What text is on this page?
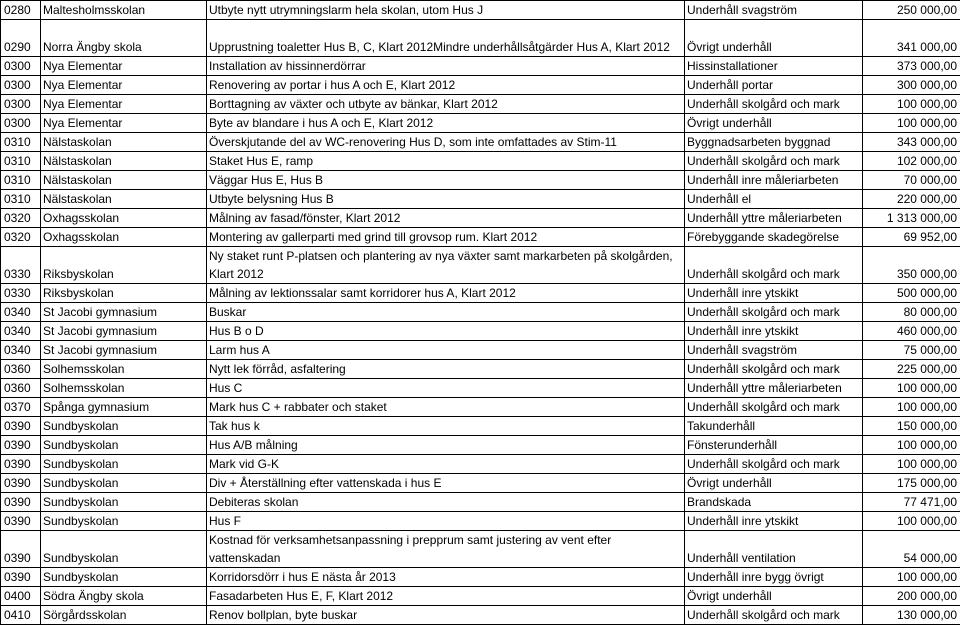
0280	Maltesholmsskolan	Utbyte nytt utrymningslarm hela skolan, utom Hus J	Underhåll svagström	250 000,00
0290	Norra Ängby skola	Upprustning toaletter Hus B, C, Klart 2012Mindre underhållsåtgärder Hus A, Klart 2012	Övrigt underhåll	341 000,00
0300	Nya Elementar	Installation av hissinnerdörrar	Hissinstallationer	373 000,00
0300	Nya Elementar	Renovering av portar i hus A och E, Klart 2012	Underhåll portar	300 000,00
0300	Nya Elementar	Borttagning av växter och utbyte av bänkar, Klart 2012	Underhåll skolgård och mark	100 000,00
0300	Nya Elementar	Byte av blandare i hus A och E, Klart 2012	Övrigt underhåll	100 000,00
0310	Nälstaskolan	Överskjutande del av WC-renovering Hus D, som inte omfattades av Stim-11	Byggnadsarbeten byggnad	343 000,00
0310	Nälstaskolan	Staket Hus E, ramp	Underhåll skolgård och mark	102 000,00
0310	Nälstaskolan	Väggar Hus E, Hus B	Underhåll inre måleriarbeten	70 000,00
0310	Nälstaskolan	Utbyte belysning Hus B	Underhåll el	220 000,00
0320	Oxhagsskolan	Målning av fasad/fönster, Klart 2012	Underhåll yttre måleriarbeten	1 313 000,00
0320	Oxhagsskolan	Montering av gallerparti med grind till grovsop rum. Klart 2012	Förebyggande skadegörelse	69 952,00
0330	Riksbyskolan	Ny staket runt P-platsen och plantering av nya växter samt markarbeten på skolgården, Klart 2012	Underhåll skolgård och mark	350 000,00
0330	Riksbyskolan	Målning av lektionssalar samt korridorer hus A, Klart 2012	Underhåll inre ytskikt	500 000,00
0340	St Jacobi gymnasium	Buskar	Underhåll skolgård och mark	80 000,00
0340	St Jacobi gymnasium	Hus B o D	Underhåll inre ytskikt	460 000,00
0340	St Jacobi gymnasium	Larm hus A	Underhåll svagström	75 000,00
0360	Solhemsskolan	Nytt lek förråd, asfaltering	Underhåll skolgård och mark	225 000,00
0360	Solhemsskolan	Hus C	Underhåll yttre måleriarbeten	100 000,00
0370	Spånga gymnasium	Mark hus C + rabbater och staket	Underhåll skolgård och mark	100 000,00
0390	Sundbyskolan	Tak hus k	Takunderhåll	150 000,00
0390	Sundbyskolan	Hus A/B målning	Fönsterunderhåll	100 000,00
0390	Sundbyskolan	Mark vid G-K	Underhåll skolgård och mark	100 000,00
0390	Sundbyskolan	Div + Återställning efter vattenskada i hus E	Övrigt underhåll	175 000,00
0390	Sundbyskolan	Debiteras skolan	Brandskada	77 471,00
0390	Sundbyskolan	Hus F	Underhåll inre ytskikt	100 000,00
0390	Sundbyskolan	Kostnad för verksamhetsanpassning i prepprum samt justering av vent efter vattenskadan	Underhåll ventilation	54 000,00
0390	Sundbyskolan	Korridorsdörr i hus E nästa år 2013	Underhåll inre bygg övrigt	100 000,00
0400	Södra Ängby skola	Fasadarbeten Hus E, F, Klart 2012	Övrigt underhåll	200 000,00
0410	Sörgårdsskolan	Renov bollplan, byte buskar	Underhåll skolgård och mark	130 000,00
